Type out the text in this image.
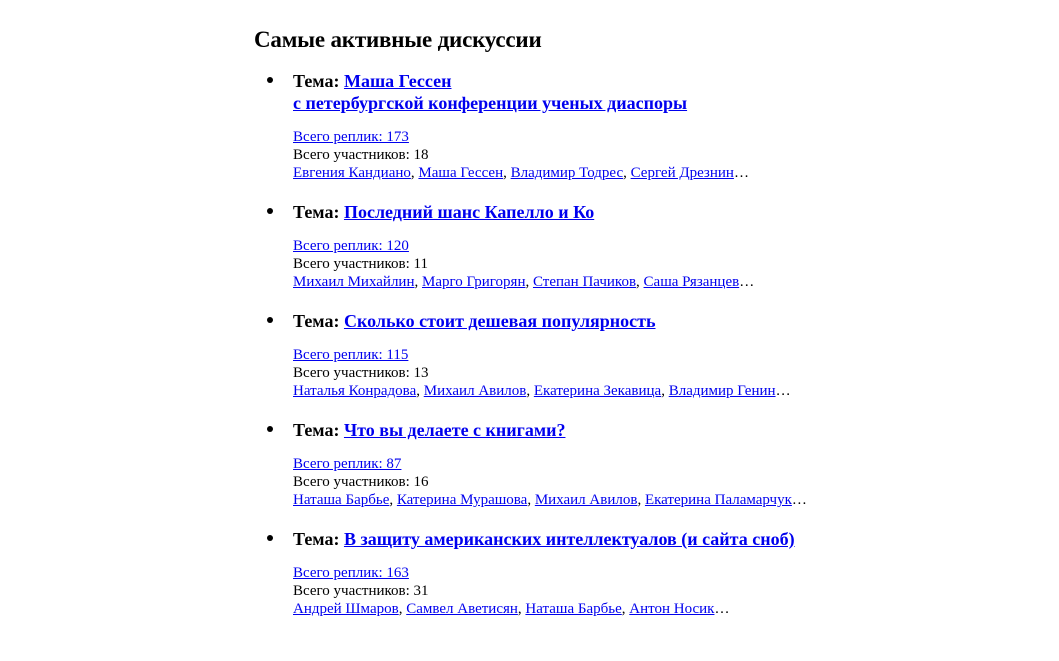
Самые активные дискуссии
Тема: Маша Гессен
с петербургской конференции ученых диаспоры
Всего реплик: 173
Всего участников: 18
Евгения Кандиано, Маша Гессен, Владимир Тодрес, Сергей Дрезнин…
Тема: Последний шанс Капелло и Ко
Всего реплик: 120
Всего участников: 11
Михаил Михайлин, Марго Григорян, Степан Пачиков, Саша Рязанцев…
Тема: Сколько стоит дешевая популярность
Всего реплик: 115
Всего участников: 13
Наталья Конрадова, Михаил Авилов, Екатерина Зекавица, Владимир Генин…
Тема: Что вы делаете с книгами?
Всего реплик: 87
Всего участников: 16
Наташа Барбье, Катерина Мурашова, Михаил Авилов, Екатерина Паламарчук…
Тема: В защиту американских интеллектуалов (и сайта сноб)
Всего реплик: 163
Всего участников: 31
Андрей Шмаров, Самвел Аветисян, Наташа Барбье, Антон Носик…
